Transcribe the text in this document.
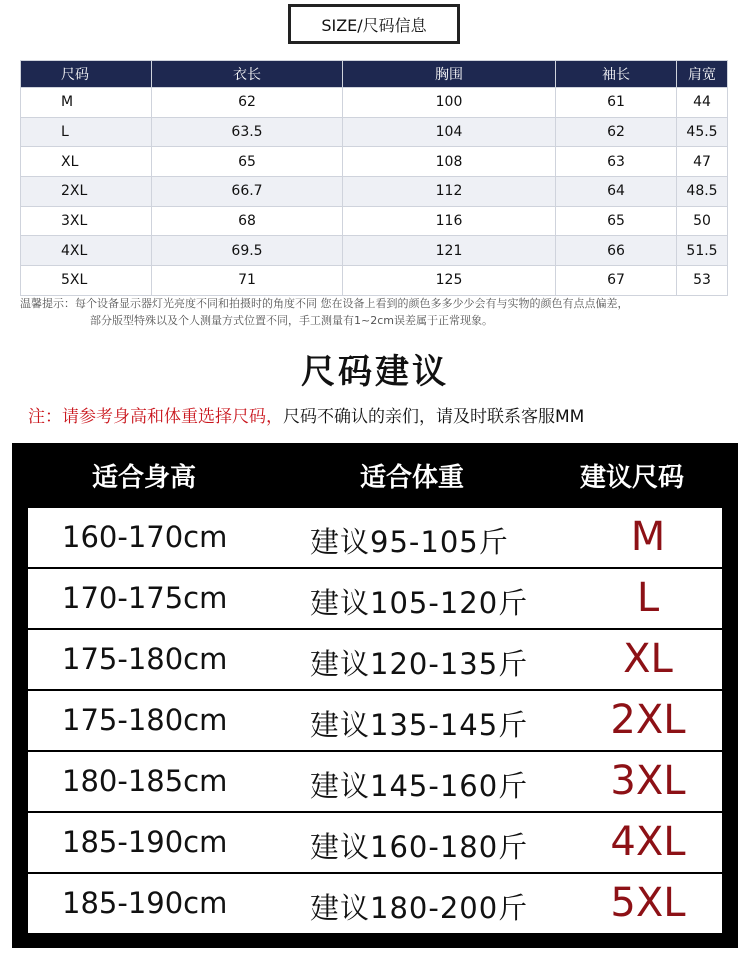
SIZE/尺码信息
尺码	衣长	胸围	袖长	肩宽
M	62	100	61	44
L	63.5	104	62	45.5
XL	65	108	63	47
2XL	66.7	112	64	48.5
3XL	68	116	65	50
4XL	69.5	121	66	51.5
5XL	71	125	67	53
温馨提示：每个设备显示器灯光亮度不同和拍摄时的角度不同 您在设备上看到的颜色多多少少会有与实物的颜色有点点偏差，
部分版型特殊以及个人测量方式位置不同，手工测量有1~2cm误差属于正常现象。
尺码建议
注：请参考身高和体重选择尺码，尺码不确认的亲们，请及时联系客服MM
适合身高	适合体重	建议尺码
160-170cm	建议95-105斤	M
170-175cm	建议105-120斤	L
175-180cm	建议120-135斤	XL
175-180cm	建议135-145斤	2XL
180-185cm	建议145-160斤	3XL
185-190cm	建议160-180斤	4XL
185-190cm	建议180-200斤	5XL
